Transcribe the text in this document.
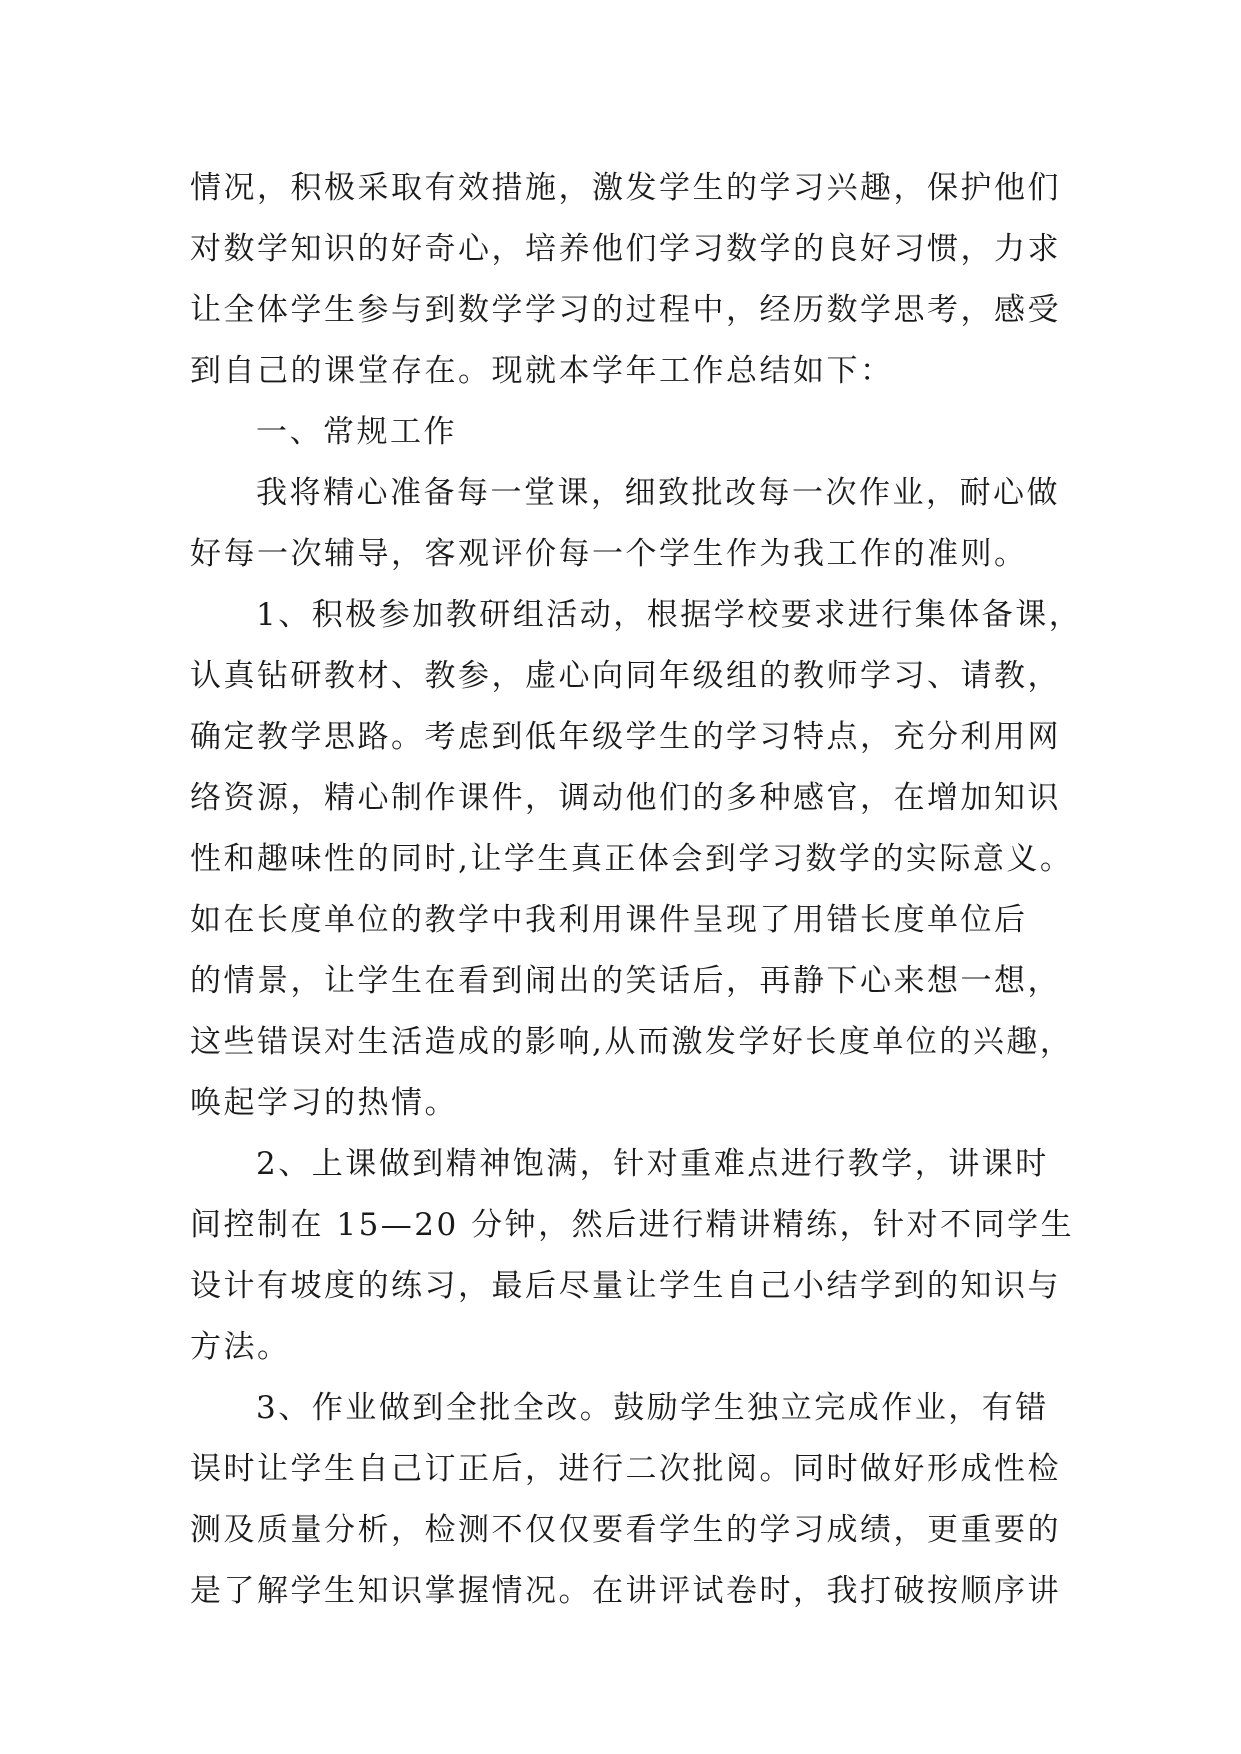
情况，积极采取有效措施，激发学生的学习兴趣，保护他们
对数学知识的好奇心，培养他们学习数学的良好习惯，力求
让全体学生参与到数学学习的过程中，经历数学思考，感受
到自己的课堂存在。现就本学年工作总结如下：
一、常规工作
我将精心准备每一堂课，细致批改每一次作业，耐心做
好每一次辅导，客观评价每一个学生作为我工作的准则。
1、积极参加教研组活动，根据学校要求进行集体备课，
认真钻研教材、教参，虚心向同年级组的教师学习、请教，
确定教学思路。考虑到低年级学生的学习特点，充分利用网
络资源，精心制作课件，调动他们的多种感官，在增加知识
性和趣味性的同时,让学生真正体会到学习数学的实际意义。
如在长度单位的教学中我利用课件呈现了用错长度单位后
的情景，让学生在看到闹出的笑话后，再静下心来想一想，
这些错误对生活造成的影响,从而激发学好长度单位的兴趣，
唤起学习的热情。
2、上课做到精神饱满，针对重难点进行教学，讲课时
间控制在 15—20 分钟，然后进行精讲精练，针对不同学生
设计有坡度的练习，最后尽量让学生自己小结学到的知识与
方法。
3、作业做到全批全改。鼓励学生独立完成作业，有错
误时让学生自己订正后，进行二次批阅。同时做好形成性检
测及质量分析，检测不仅仅要看学生的学习成绩，更重要的
是了解学生知识掌握情况。在讲评试卷时，我打破按顺序讲
